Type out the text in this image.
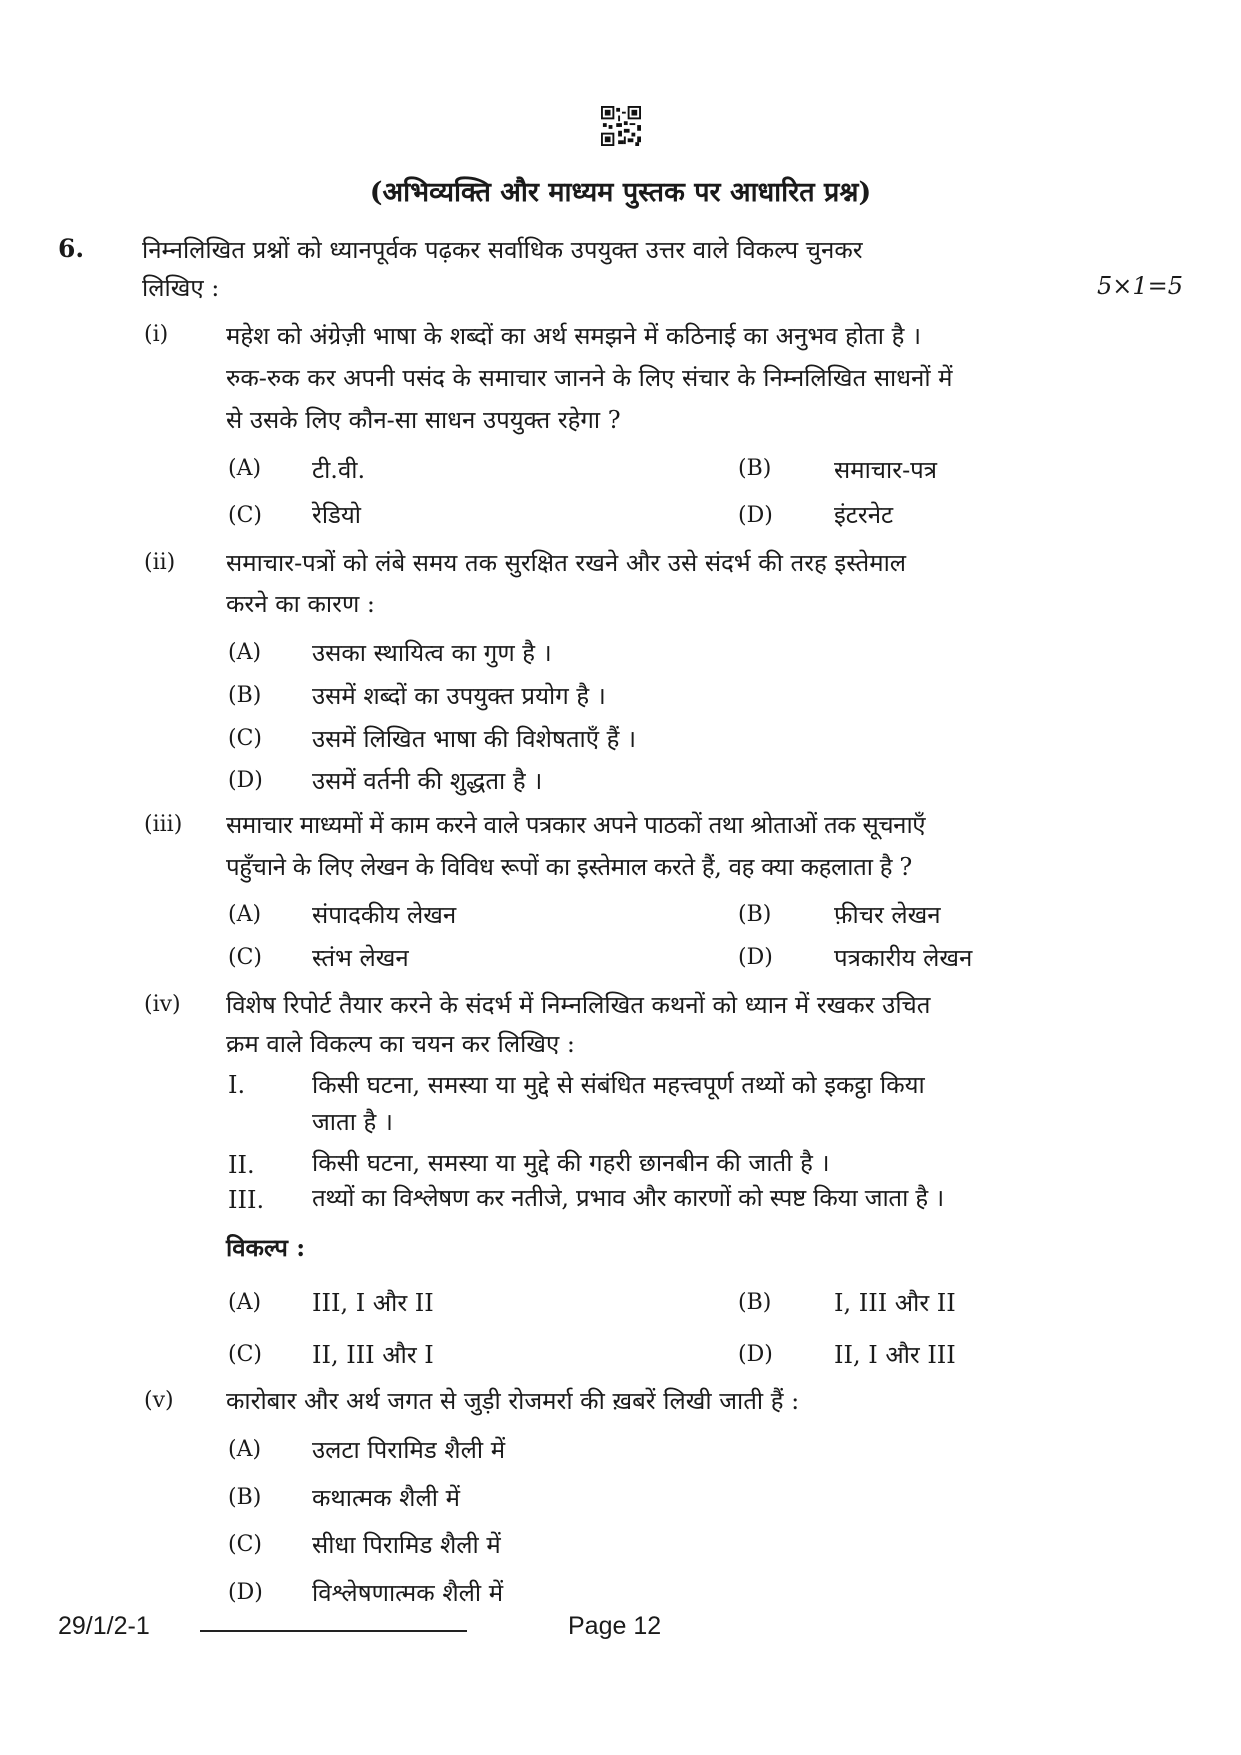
(अभिव्यक्ति और माध्यम पुस्तक पर आधारित प्रश्न)
6. निम्नलिखित प्रश्नों को ध्यानपूर्वक पढ़कर सर्वाधिक उपयुक्त उत्तर वाले विकल्प चुनकर
लिखिए :	5×1=5
(i) महेश को अंग्रेज़ी भाषा के शब्दों का अर्थ समझने में कठिनाई का अनुभव होता है ।
रुक-रुक कर अपनी पसंद के समाचार जानने के लिए संचार के निम्नलिखित साधनों में
से उसके लिए कौन-सा साधन उपयुक्त रहेगा ?
(A) टी.वी.	(B)	समाचार-पत्र
(C) रेडियो	(D)	इंटरनेट
(ii) समाचार-पत्रों को लंबे समय तक सुरक्षित रखने और उसे संदर्भ की तरह इस्तेमाल
करने का कारण :
(A) उसका स्थायित्व का गुण है ।
(B) उसमें शब्दों का उपयुक्त प्रयोग है ।
(C) उसमें लिखित भाषा की विशेषताएँ हैं ।
(D) उसमें वर्तनी की शुद्धता है ।
(iii) समाचार माध्यमों में काम करने वाले पत्रकार अपने पाठकों तथा श्रोताओं तक सूचनाएँ
पहुँचाने के लिए लेखन के विविध रूपों का इस्तेमाल करते हैं, वह क्या कहलाता है ?
(A) संपादकीय लेखन	(B)	फ़ीचर लेखन
(C) स्तंभ लेखन	(D)	पत्रकारीय लेखन
(iv) विशेष रिपोर्ट तैयार करने के संदर्भ में निम्नलिखित कथनों को ध्यान में रखकर उचित
क्रम वाले विकल्प का चयन कर लिखिए :
I.	किसी घटना, समस्या या मुद्दे से संबंधित महत्त्वपूर्ण तथ्यों को इकट्ठा किया
जाता है ।
II. किसी घटना, समस्या या मुद्दे की गहरी छानबीन की जाती है ।
III. तथ्यों का विश्लेषण कर नतीजे, प्रभाव और कारणों को स्पष्ट किया जाता है ।
विकल्प :
(A) III, I और II	(B)	I, III और II
(C) II, III और I	(D)	II, I और III
(v) कारोबार और अर्थ जगत से जुड़ी रोजमर्रा की ख़बरें लिखी जाती हैं :
(A) उलटा पिरामिड शैली में
(B) कथात्मक शैली में
(C) सीधा पिरामिड शैली में
(D) विश्लेषणात्मक शैली में
29/1/2-1	Page 12
